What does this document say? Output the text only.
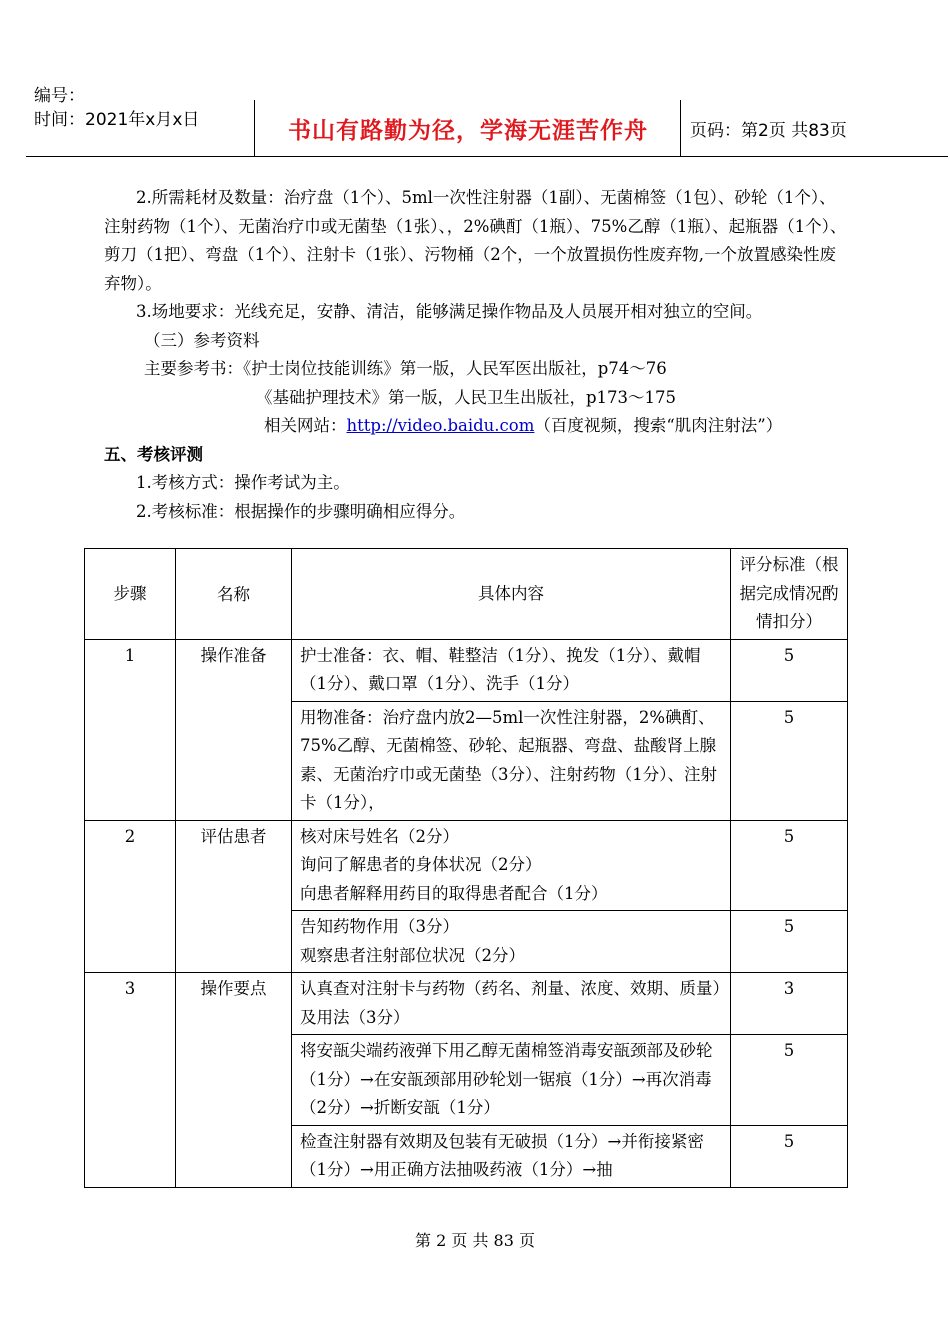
编号：
时间：2021年x月x日	书山有路勤为径，学海无涯苦作舟	页码：第2页 共83页

2.所需耗材及数量：治疗盘（1个）、5ml一次性注射器（1副）、无菌棉签（1包）、砂轮（1个）、注射药物（1个）、无菌治疗巾或无菌垫（1张）、，2%碘酊（1瓶）、75%乙醇（1瓶）、起瓶器（1个）、剪刀（1把）、弯盘（1个）、注射卡（1张）、污物桶（2个，一个放置损伤性废弃物,一个放置感染性废弃物）。

3.场地要求：光线充足，安静、清洁，能够满足操作物品及人员展开相对独立的空间。

（三）参考资料

主要参考书：《护士岗位技能训练》第一版，人民军医出版社，p74～76

《基础护理技术》第一版，人民卫生出版社，p173～175

相关网站：http://video.baidu.com（百度视频，搜索“肌肉注射法”）

五、考核评测

1.考核方式：操作考试为主。

2.考核标准：根据操作的步骤明确相应得分。

步骤	名称	具体内容	评分标准（根据完成情况酌情扣分）
1	操作准备	护士准备：衣、帽、鞋整洁（1分）、挽发（1分）、戴帽（1分）、戴口罩（1分）、洗手（1分）	5
		用物准备：治疗盘内放2—5ml一次性注射器，2%碘酊、75%乙醇、无菌棉签、砂轮、起瓶器、弯盘、盐酸肾上腺素、无菌治疗巾或无菌垫（3分）、注射药物（1分）、注射卡（1分），	5
2	评估患者	核对床号姓名（2分）
询问了解患者的身体状况（2分）
向患者解释用药目的取得患者配合（1分）	5
		告知药物作用（3分）
观察患者注射部位状况（2分）	5
3	操作要点	认真查对注射卡与药物（药名、剂量、浓度、效期、质量）及用法（3分）	3
		将安瓿尖端药液弹下用乙醇无菌棉签消毒安瓿颈部及砂轮（1分）→在安瓿颈部用砂轮划一锯痕（1分）→再次消毒（2分）→折断安瓿（1分）	5
		检查注射器有效期及包装有无破损（1分）→并衔接紧密（1分）→用正确方法抽吸药液（1分）→抽	5
第 2 页 共 83 页
